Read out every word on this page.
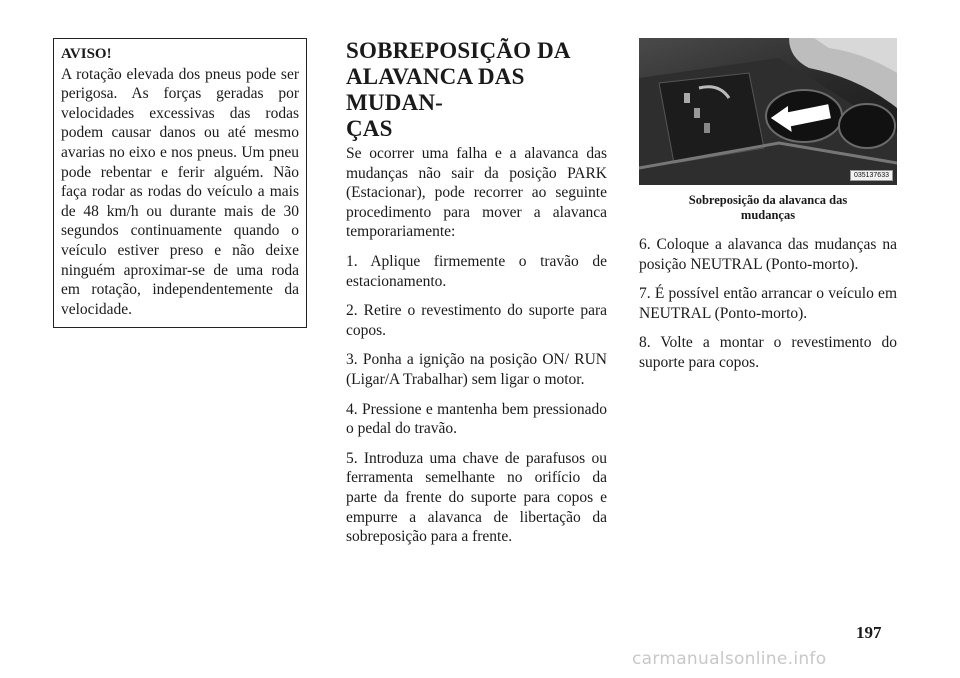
AVISO!
A rotação elevada dos pneus pode ser perigosa. As forças geradas por velocidades excessivas das rodas podem causar danos ou até mesmo avarias no eixo e nos pneus. Um pneu pode rebentar e ferir alguém. Não faça rodar as rodas do veículo a mais de 48 km/h ou durante mais de 30 segundos continuamente quando o veículo estiver preso e não deixe ninguém aproximar-se de uma roda em rotação, independentemente da velocidade.
SOBREPOSIÇÃO DA
ALAVANCA DAS MUDAN-
ÇAS

Se ocorrer uma falha e a alavanca das mudanças não sair da posição PARK (Estacionar), pode recorrer ao seguinte procedimento para mover a alavanca temporariamente:

1. Aplique firmemente o travão de estacionamento.

2. Retire o revestimento do suporte para copos.

3. Ponha a ignição na posição ON/ RUN (Ligar/A Trabalhar) sem ligar o motor.

4. Pressione e mantenha bem pressionado o pedal do travão.

5. Introduza uma chave de parafusos ou ferramenta semelhante no orifício da parte da frente do suporte para copos e empurre a alavanca de libertação da sobreposição para a frente.

035137633
Sobreposição da alavanca das
mudanças

6. Coloque a alavanca das mudanças na posição NEUTRAL (Ponto-morto).

7. É possível então arrancar o veículo em NEUTRAL (Ponto-morto).

8. Volte a montar o revestimento do suporte para copos.

197
carmanualsonline.info
